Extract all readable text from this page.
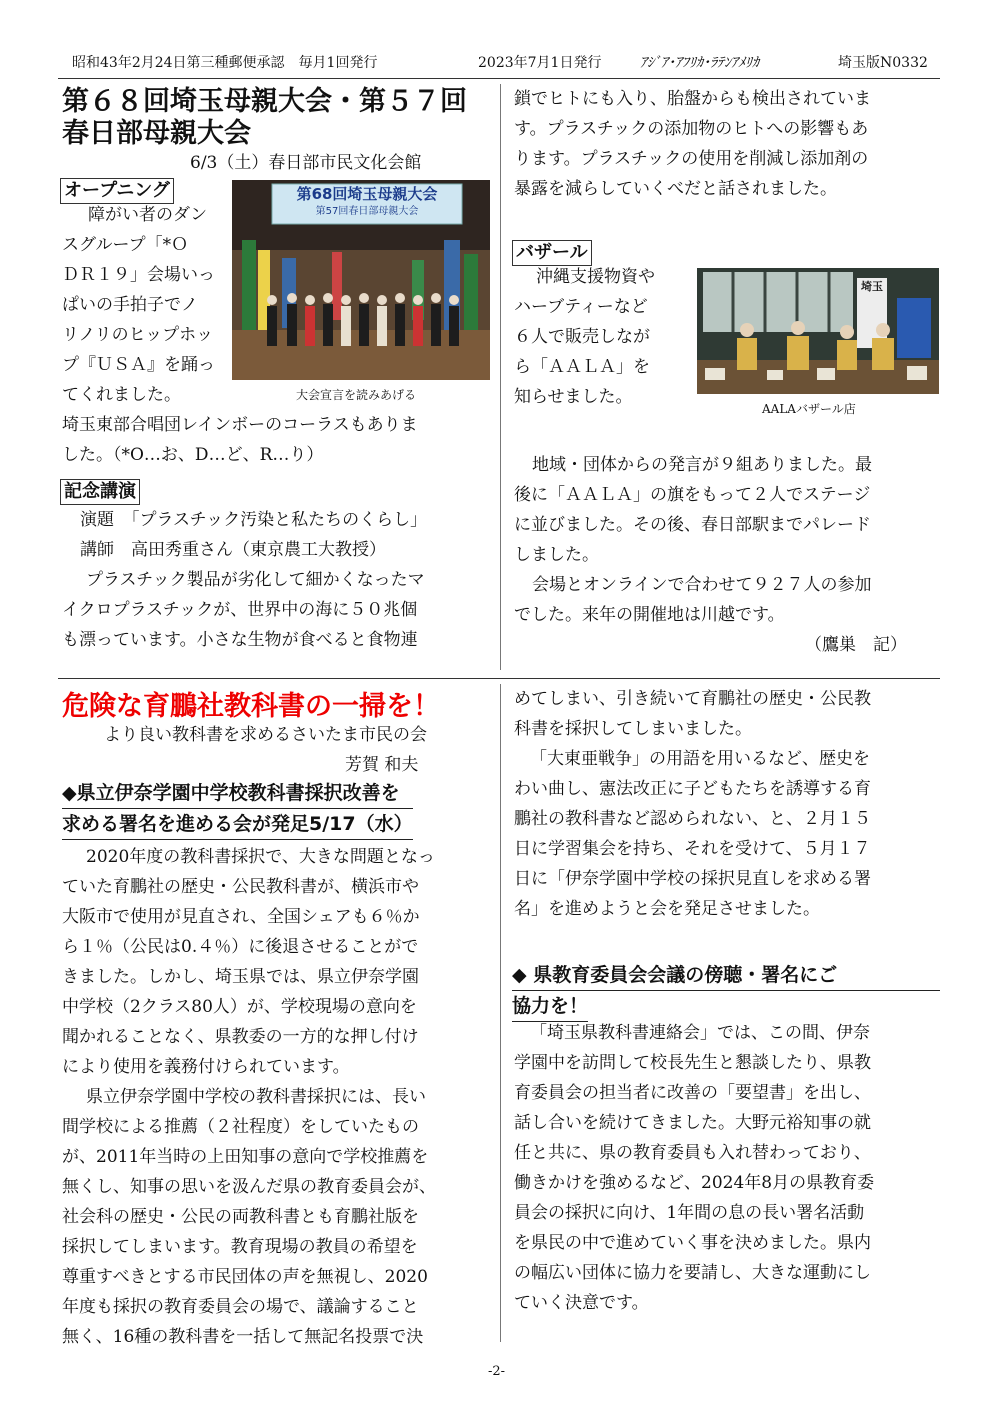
昭和43年2月24日第三種郵便承認　毎月1回発行	2023年7月1日発行	ｱｼﾞｱ･ｱﾌﾘｶ･ﾗﾃﾝｱﾒﾘｶ	埼玉版N0332
第６８回埼玉母親大会・第５７回
春日部母親大会
6/3（土）春日部市民文化会館
オープニング
障がい者のダン
スグループ「*Ｏ
ＤＲ１９」会場いっ
ぱいの手拍子でノ
リノリのヒップホッ
プ『ＵＳＡ』を踊っ
てくれました。
第68回埼玉母親大会
第57回春日部母親大会
大会宣言を読みあげる
埼玉東部合唱団レインボーのコーラスもありま
した。（*O…お、D…ど、R…り）
記念講演
演題　「プラスチック汚染と私たちのくらし」
講師　高田秀重さん（東京農工大教授）
プラスチック製品が劣化して細かくなったマ
イクロプラスチックが、世界中の海に５０兆個
も漂っています。小さな生物が食べると食物連
鎖でヒトにも入り、胎盤からも検出されていま
す。プラスチックの添加物のヒトへの影響もあ
ります。プラスチックの使用を削減し添加剤の
暴露を減らしていくべだと話されました。
バザール
沖縄支援物資や
ハーブティーなど
６人で販売しなが
ら「ＡＡＬＡ」を
知らせました。
埼玉
AALAバザール店
地域・団体からの発言が９組ありました。最
後に「ＡＡＬＡ」の旗をもって２人でステージ
に並びました。その後、春日部駅までパレード
しました。
会場とオンラインで合わせて９２７人の参加
でした。来年の開催地は川越です。
（鷹巣　記）
危険な育鵬社教科書の一掃を！
より良い教科書を求めるさいたま市民の会
芳賀 和夫
◆県立伊奈学園中学校教科書採択改善を
求める署名を進める会が発足5/17（水）
2020年度の教科書採択で、大きな問題となっ
ていた育鵬社の歴史・公民教科書が、横浜市や
大阪市で使用が見直され、全国シェアも６％か
ら１％（公民は0.４％）に後退させることがで
きました。しかし、埼玉県では、県立伊奈学園
中学校（2クラス80人）が、学校現場の意向を
聞かれることなく、県教委の一方的な押し付け
により使用を義務付けられています。
県立伊奈学園中学校の教科書採択には、長い
間学校による推薦（２社程度）をしていたもの
が、2011年当時の上田知事の意向で学校推薦を
無くし、知事の思いを汲んだ県の教育委員会が、
社会科の歴史・公民の両教科書とも育鵬社版を
採択してしまいます。教育現場の教員の希望を
尊重すべきとする市民団体の声を無視し、2020
年度も採択の教育委員会の場で、議論すること
無く、16種の教科書を一括して無記名投票で決
めてしまい、引き続いて育鵬社の歴史・公民教
科書を採択してしまいました。
「大東亜戦争」の用語を用いるなど、歴史を
わい曲し、憲法改正に子どもたちを誘導する育
鵬社の教科書など認められない、と、２月１５
日に学習集会を持ち、それを受けて、５月１７
日に「伊奈学園中学校の採択見直しを求める署
名」を進めようと会を発足させました。
◆ 県教育委員会会議の傍聴・署名にご
協力を！
「埼玉県教科書連絡会」では、この間、伊奈
学園中を訪問して校長先生と懇談したり、県教
育委員会の担当者に改善の「要望書」を出し、
話し合いを続けてきました。大野元裕知事の就
任と共に、県の教育委員も入れ替わっており、
働きかけを強めるなど、2024年8月の県教育委
員会の採択に向け、1年間の息の長い署名活動
を県民の中で進めていく事を決めました。県内
の幅広い団体に協力を要請し、大きな運動にし
ていく決意です。
-2-
